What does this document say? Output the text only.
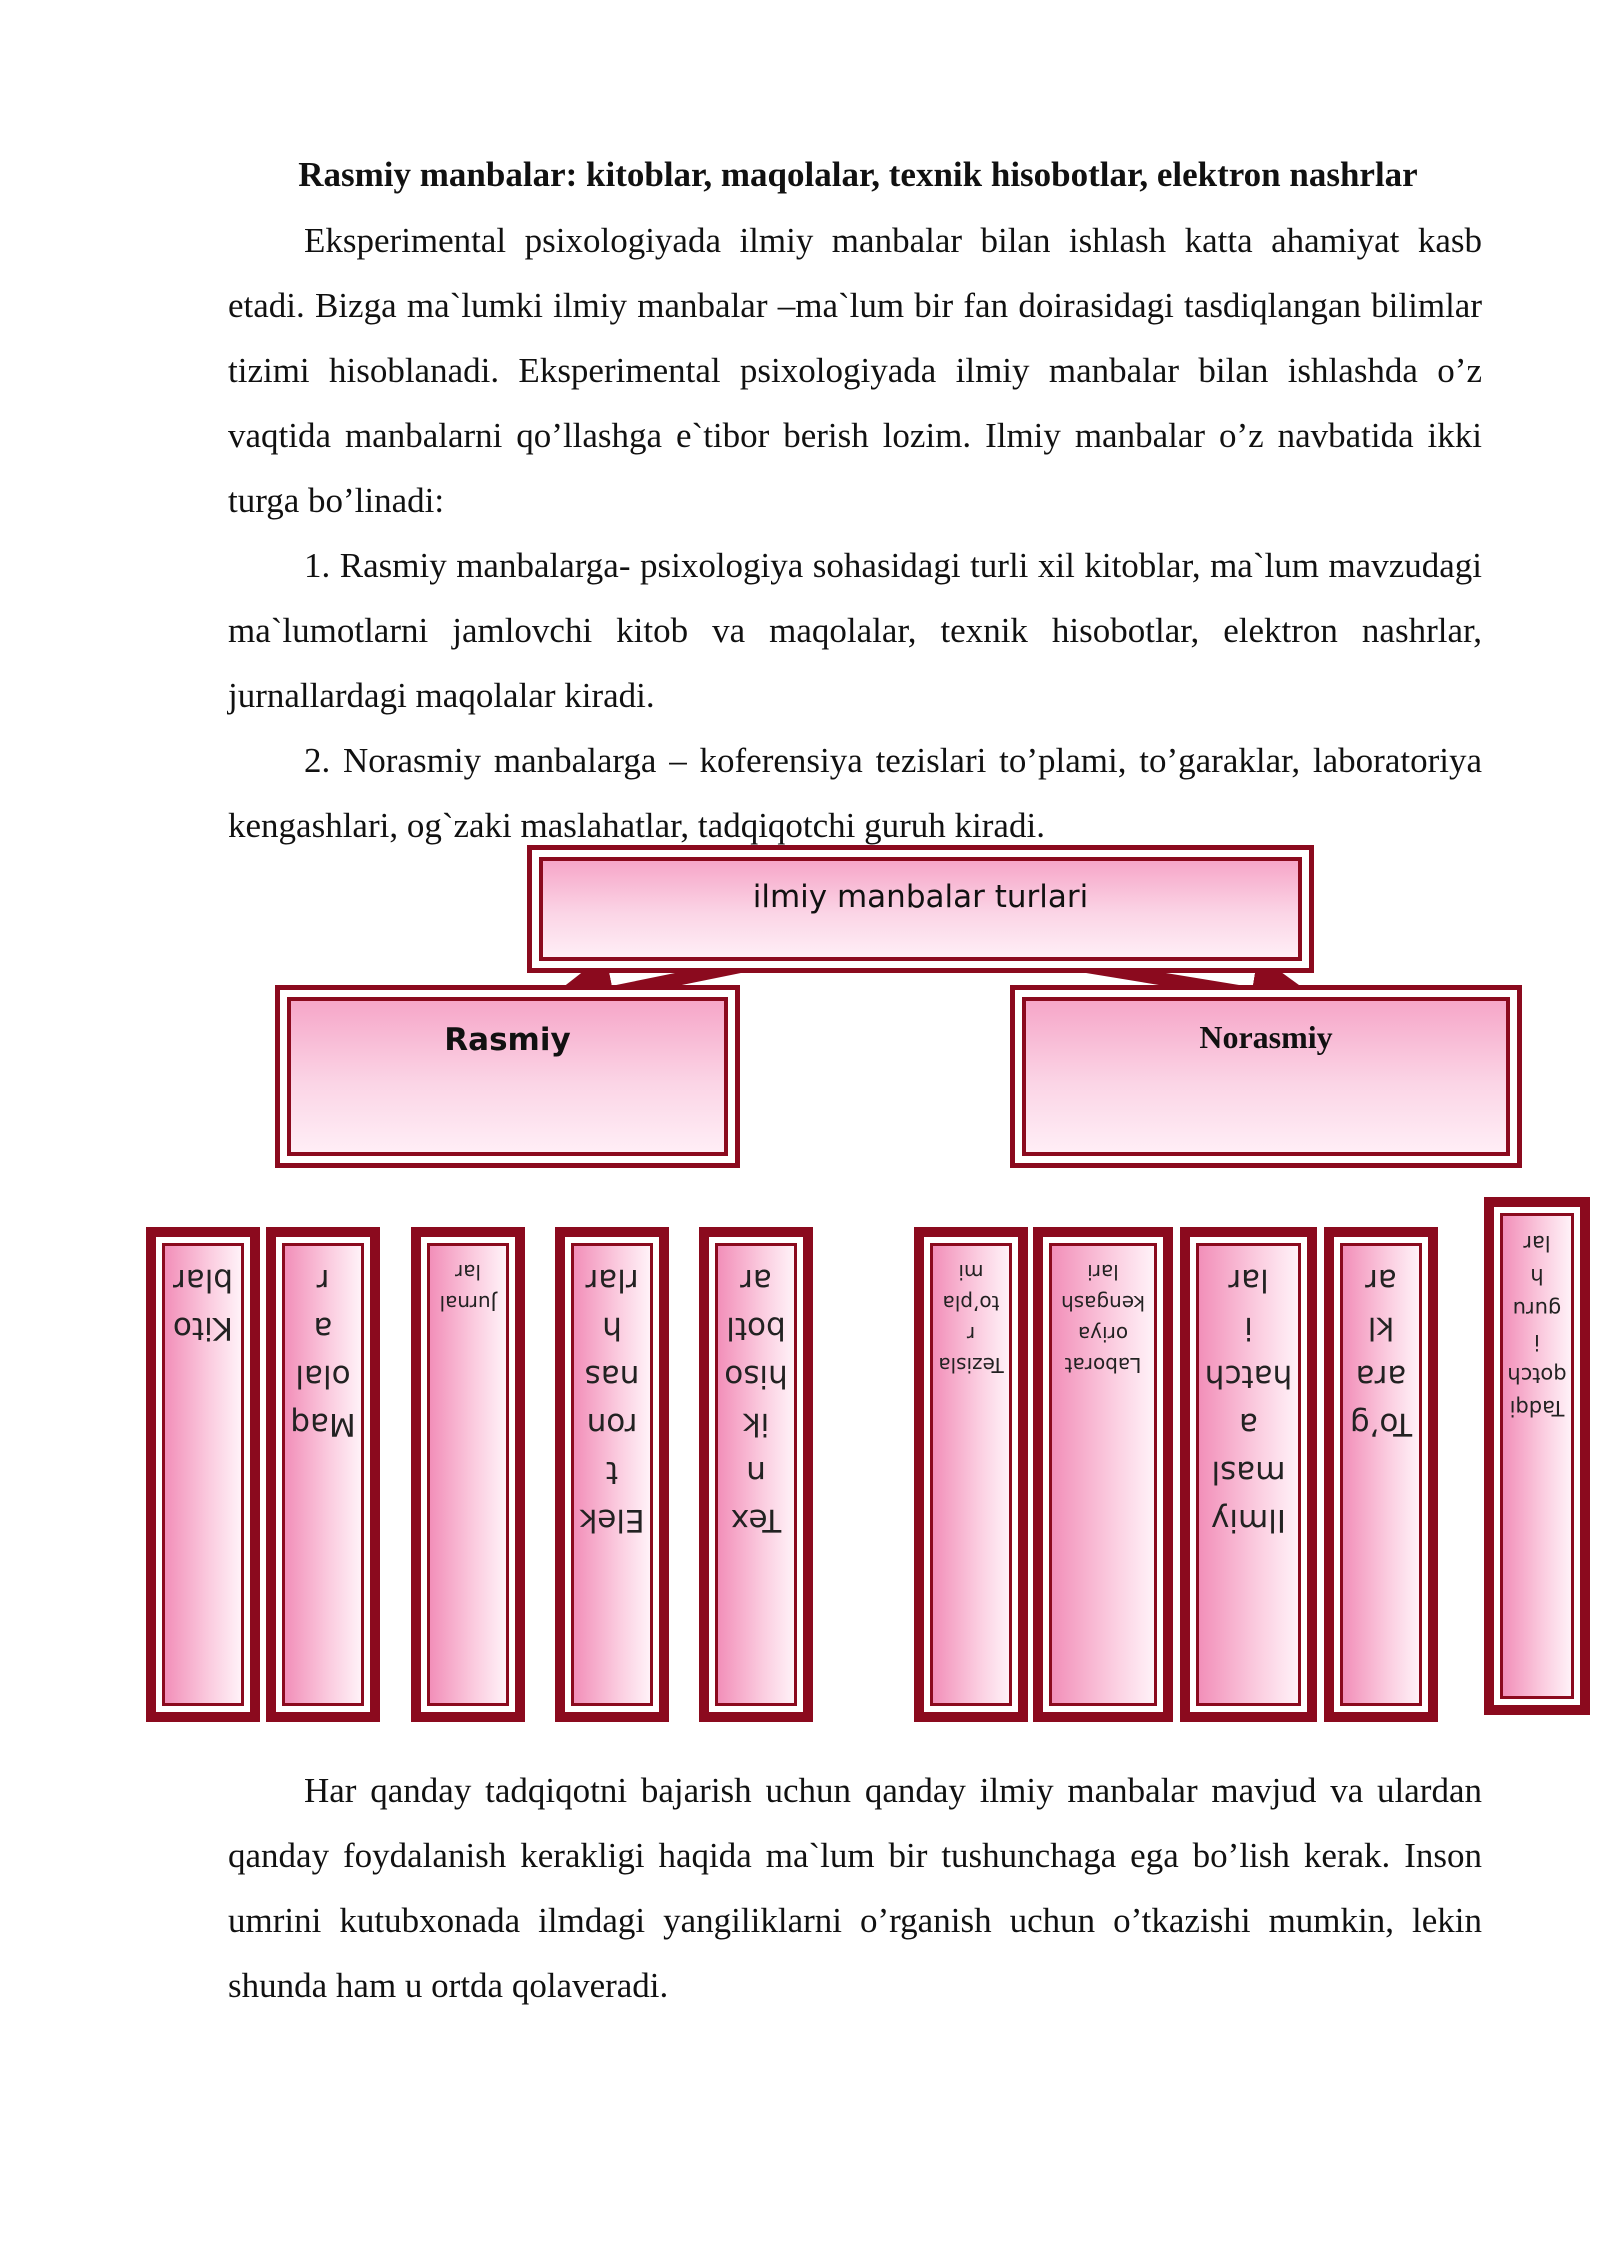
Rasmiy manbalar: kitoblar, maqolalar, texnik hisobotlar, elektron nashrlar

Eksperimental psixologiyada ilmiy manbalar bilan ishlash katta ahamiyat kasb etadi. Bizga ma`lumki ilmiy manbalar –ma`lum bir fan doirasidagi tasdiqlangan bilimlar tizimi hisoblanadi. Eksperimental psixologiyada ilmiy manbalar bilan ishlashda o’z vaqtida manbalarni qo’llashga e`tibor berish lozim. Ilmiy manbalar o’z navbatida ikki turga bo’linadi:

1. Rasmiy manbalarga- psixologiya sohasidagi turli xil kitoblar, ma`lum mavzudagi ma`lumotlarni jamlovchi kitob va maqolalar, texnik hisobotlar, elektron nashrlar, jurnallardagi maqolalar kiradi.

2. Norasmiy manbalarga – koferensiya tezislari to’plami, to’garaklar, laboratoriya kengashlari, og`zaki maslahatlar, tadqiqotchi guruh kiradi.

ilmiy manbalar turlari
Rasmiy	Norasmiy
Kito
blar
Maq
olala
r
Jurnal
lar
Elekt
ron
nash
rlar
Texn
ik
hiso
botl
ar
Tezisla
r
to’pla
mi
Laborat
oriya
kengash
lari
Ilmiy
masla
hatchi
lar
To’g
arakl
ar
Tadqi
qotchi
guruh
lar

Har qanday tadqiqotni bajarish uchun qanday ilmiy manbalar mavjud va ulardan qanday foydalanish kerakligi haqida ma`lum bir tushunchaga ega bo’lish kerak. Inson umrini kutubxonada ilmdagi yangiliklarni o’rganish uchun o’tkazishi mumkin, lekin shunda ham u ortda qolaveradi.
